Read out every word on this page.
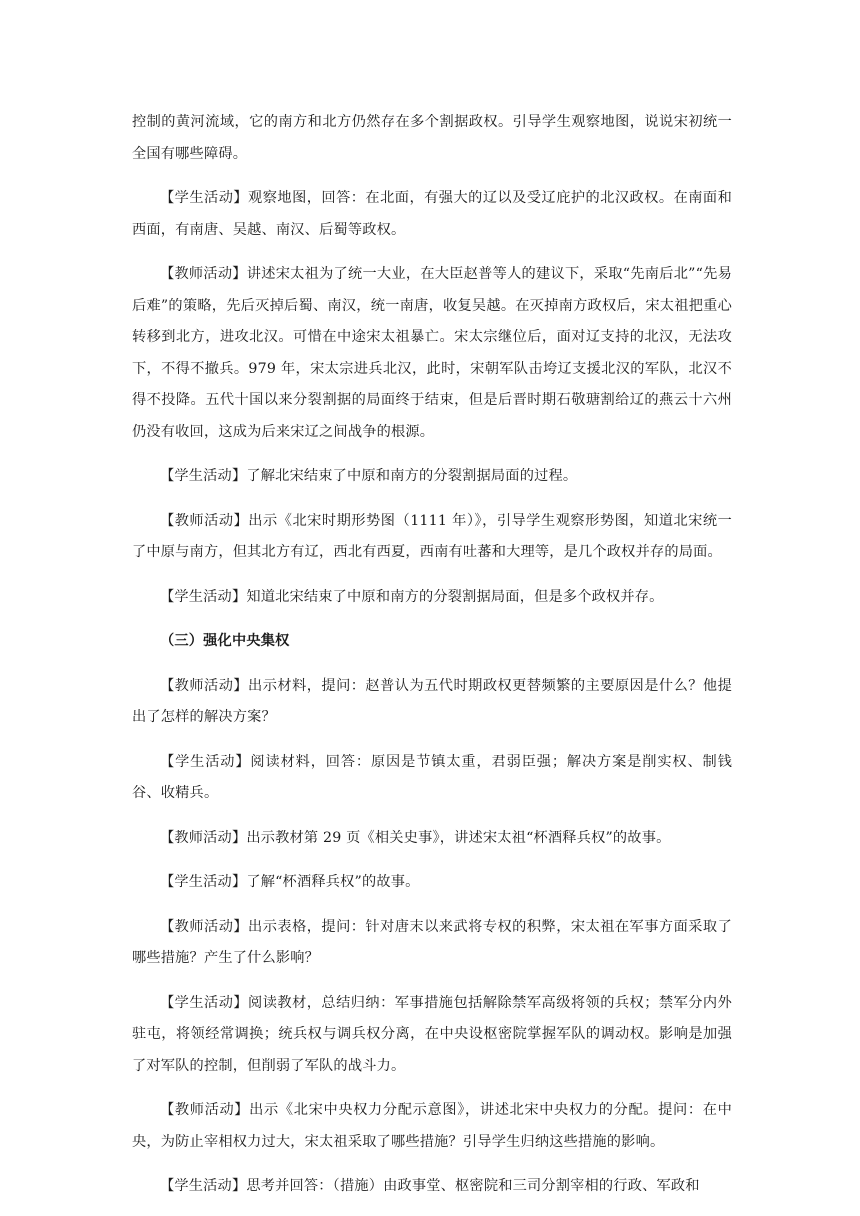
控制的黄河流域，它的南方和北方仍然存在多个割据政权。引导学生观察地图，说说宋初统一全国有哪些障碍。

【学生活动】观察地图，回答：在北面，有强大的辽以及受辽庇护的北汉政权。在南面和西面，有南唐、吴越、南汉、后蜀等政权。

【教师活动】讲述宋太祖为了统一大业，在大臣赵普等人的建议下，采取“先南后北”“先易后难”的策略，先后灭掉后蜀、南汉，统一南唐，收复吴越。在灭掉南方政权后，宋太祖把重心转移到北方，进攻北汉。可惜在中途宋太祖暴亡。宋太宗继位后，面对辽支持的北汉，无法攻下，不得不撤兵。979 年，宋太宗进兵北汉，此时，宋朝军队击垮辽支援北汉的军队，北汉不得不投降。五代十国以来分裂割据的局面终于结束，但是后晋时期石敬瑭割给辽的燕云十六州仍没有收回，这成为后来宋辽之间战争的根源。

【学生活动】了解北宋结束了中原和南方的分裂割据局面的过程。

【教师活动】出示《北宋时期形势图（1111 年）》，引导学生观察形势图，知道北宋统一了中原与南方，但其北方有辽，西北有西夏，西南有吐蕃和大理等，是几个政权并存的局面。

【学生活动】知道北宋结束了中原和南方的分裂割据局面，但是多个政权并存。

（三）强化中央集权

【教师活动】出示材料，提问：赵普认为五代时期政权更替频繁的主要原因是什么？他提出了怎样的解决方案？

【学生活动】阅读材料，回答：原因是节镇太重，君弱臣强；解决方案是削实权、制钱谷、收精兵。

【教师活动】出示教材第 29 页《相关史事》，讲述宋太祖“杯酒释兵权”的故事。

【学生活动】了解“杯酒释兵权”的故事。

【教师活动】出示表格，提问：针对唐末以来武将专权的积弊，宋太祖在军事方面采取了哪些措施？产生了什么影响？

【学生活动】阅读教材，总结归纳：军事措施包括解除禁军高级将领的兵权；禁军分内外驻屯，将领经常调换；统兵权与调兵权分离，在中央设枢密院掌握军队的调动权。影响是加强了对军队的控制，但削弱了军队的战斗力。

【教师活动】出示《北宋中央权力分配示意图》，讲述北宋中央权力的分配。提问：在中央，为防止宰相权力过大，宋太祖采取了哪些措施？引导学生归纳这些措施的影响。

【学生活动】思考并回答：（措施）由政事堂、枢密院和三司分割宰相的行政、军政和
